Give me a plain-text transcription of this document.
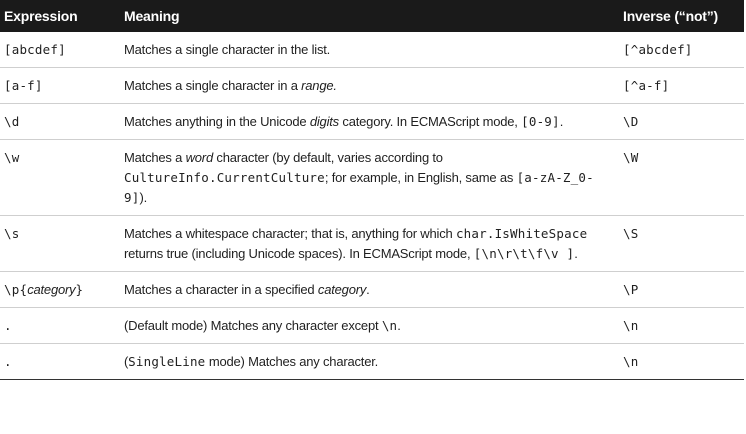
Expression	Meaning	Inverse (“not”)
[abcdef]	Matches a single character in the list.	[^abcdef]
[a-f]	Matches a single character in a range.	[^a-f]
\d	Matches anything in the Unicode digits category. In ECMAScript mode, [0-9].	\D
\w	Matches a word character (by default, varies according to CultureInfo.CurrentCulture; for example, in English, same as [a-zA-Z_0-9]).	\W
\s	Matches a whitespace character; that is, anything for which char.IsWhiteSpace returns true (including Unicode spaces). In ECMAScript mode, [\n\r\t\f\v ].	\S
\p{category}	Matches a character in a specified category.	\P
.	(Default mode) Matches any character except \n.	\n
.	(SingleLine mode) Matches any character.	\n
